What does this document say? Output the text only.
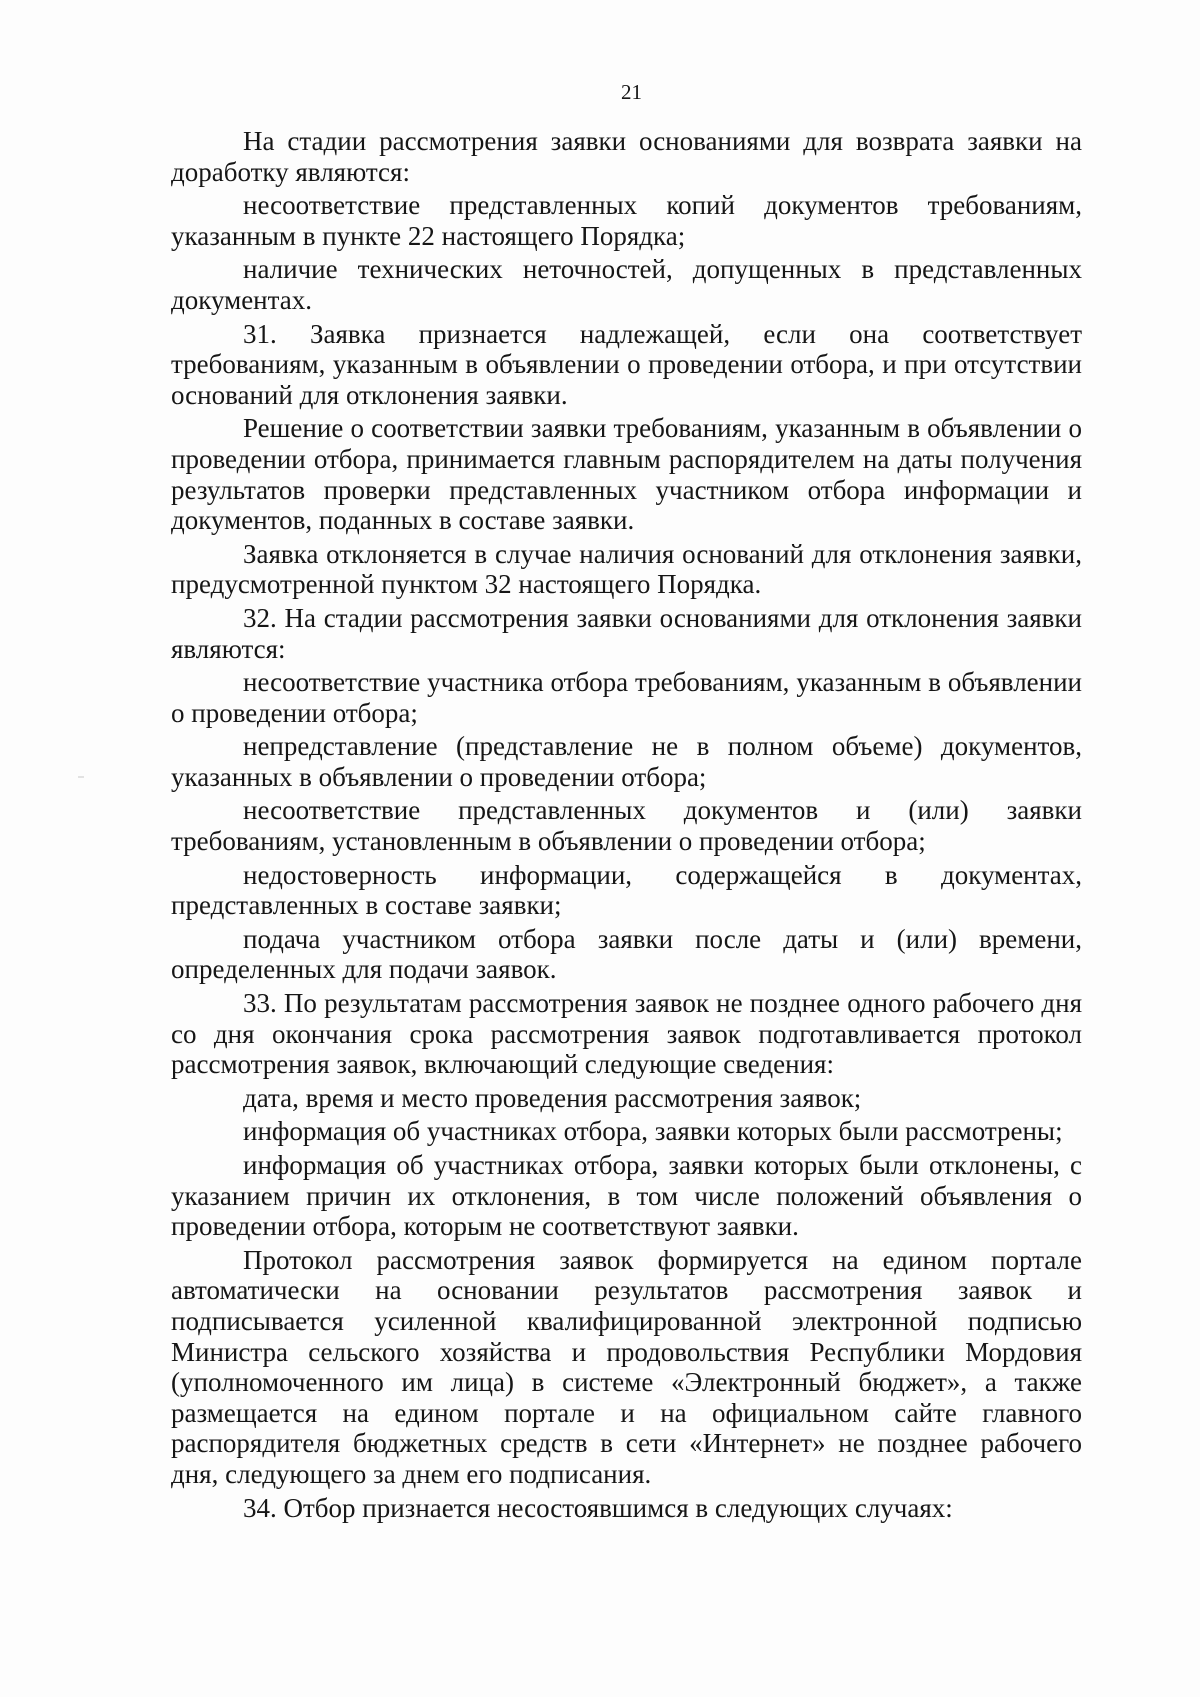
21

На стадии рассмотрения заявки основаниями для возврата заявки на доработку являются:

несоответствие представленных копий документов требованиям, указанным в пункте 22 настоящего Порядка;

наличие технических неточностей, допущенных в представленных документах.

31. Заявка признается надлежащей, если она соответствует требованиям, указанным в объявлении о проведении отбора, и при отсутствии оснований для отклонения заявки.

Решение о соответствии заявки требованиям, указанным в объявлении о проведении отбора, принимается главным распорядителем на даты получения результатов проверки представленных участником отбора информации и документов, поданных в составе заявки.

Заявка отклоняется в случае наличия оснований для отклонения заявки, предусмотренной пунктом 32 настоящего Порядка.

32. На стадии рассмотрения заявки основаниями для отклонения заявки являются:

несоответствие участника отбора требованиям, указанным в объявлении о проведении отбора;

непредставление (представление не в полном объеме) документов, указанных в объявлении о проведении отбора;

несоответствие представленных документов и (или) заявки требованиям, установленным в объявлении о проведении отбора;

недостоверность информации, содержащейся в документах, представленных в составе заявки;

подача участником отбора заявки после даты и (или) времени, определенных для подачи заявок.

33. По результатам рассмотрения заявок не позднее одного рабочего дня со дня окончания срока рассмотрения заявок подготавливается протокол рассмотрения заявок, включающий следующие сведения:

дата, время и место проведения рассмотрения заявок;

информация об участниках отбора, заявки которых были рассмотрены;

информация об участниках отбора, заявки которых были отклонены, с указанием причин их отклонения, в том числе положений объявления о проведении отбора, которым не соответствуют заявки.

Протокол рассмотрения заявок формируется на едином портале автоматически на основании результатов рассмотрения заявок и подписывается усиленной квалифицированной электронной подписью Министра сельского хозяйства и продовольствия Республики Мордовия (уполномоченного им лица) в системе «Электронный бюджет», а также размещается на едином портале и на официальном сайте главного распорядителя бюджетных средств в сети «Интернет» не позднее рабочего дня, следующего за днем его подписания.

34. Отбор признается несостоявшимся в следующих случаях:
